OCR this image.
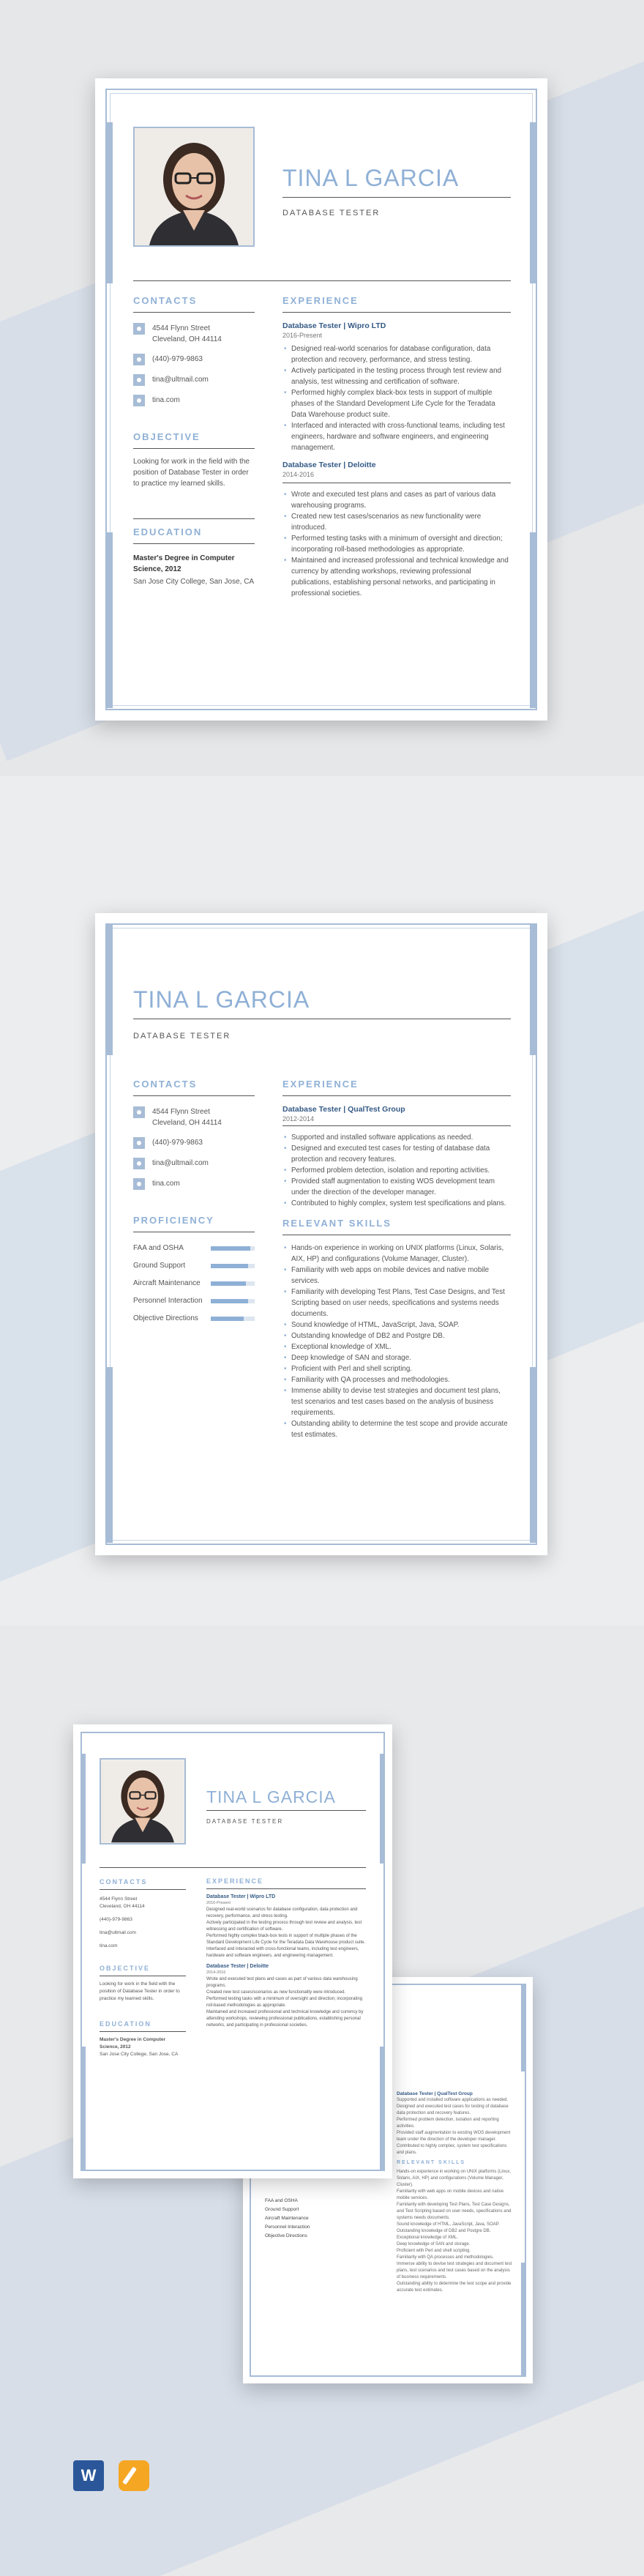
TINA L GARCIA
DATABASE TESTER
CONTACTS
4544 Flynn Street
Cleveland, OH 44114
(440)-979-9863
tina@ultmail.com
tina.com
OBJECTIVE
Looking for work in the field with the position of Database Tester in order to practice my learned skills.
EDUCATION
Master's Degree in Computer Science, 2012
San Jose City College, San Jose, CA
EXPERIENCE
Database Tester | Wipro LTD
2016-Present
• Designed real-world scenarios for database configuration, data protection and recovery, performance, and stress testing.
• Actively participated in the testing process through test review and analysis, test witnessing and certification of software.
• Performed highly complex black-box tests in support of multiple phases of the Standard Development Life Cycle for the Teradata Data Warehouse product suite.
• Interfaced and interacted with cross-functional teams, including test engineers, hardware and software engineers, and engineering management.
Database Tester | Deloitte
2014-2016
• Wrote and executed test plans and cases as part of various data warehousing programs.
• Created new test cases/scenarios as new functionality were introduced.
• Performed testing tasks with a minimum of oversight and direction; incorporating roll-based methodologies as appropriate.
• Maintained and increased professional and technical knowledge and currency by attending workshops, reviewing professional publications, establishing personal networks, and participating in professional societies.
TINA L GARCIA
DATABASE TESTER
CONTACTS
4544 Flynn Street
Cleveland, OH 44114
(440)-979-9863
tina@ultmail.com
tina.com
PROFICIENCY
FAA and OSHA
Ground Support
Aircraft Maintenance
Personnel Interaction
Objective Directions
EXPERIENCE
Database Tester | QualTest Group
2012-2014
• Supported and installed software applications as needed.
• Designed and executed test cases for testing of database data protection and recovery features.
• Performed problem detection, isolation and reporting activities.
• Provided staff augmentation to existing WOS development team under the direction of the developer manager.
• Contributed to highly complex, system test specifications and plans.
RELEVANT SKILLS
• Hands-on experience in working on UNIX platforms (Linux, Solaris, AIX, HP) and configurations (Volume Manager, Cluster).
• Familiarity with web apps on mobile devices and native mobile services.
• Familiarity with developing Test Plans, Test Case Designs, and Test Scripting based on user needs, specifications and systems needs documents.
• Sound knowledge of HTML, JavaScript, Java, SOAP.
• Outstanding knowledge of DB2 and Postgre DB.
• Exceptional knowledge of XML.
• Deep knowledge of SAN and storage.
• Proficient with Perl and shell scripting.
• Familiarity with QA processes and methodologies.
• Immense ability to devise test strategies and document test plans, test scenarios and test cases based on the analysis of business requirements.
• Outstanding ability to determine the test scope and provide accurate test estimates.
FAA and OSHA
Ground Support
Aircraft Maintenance
Personnel Interaction
Objective Directions
Database Tester | QualTest Group
Supported and installed software applications as needed.
Designed and executed test cases for testing of database data protection and recovery features.
Performed problem detection, isolation and reporting activities.
Provided staff augmentation to existing WOS development team under the direction of the developer manager.
Contributed to highly complex, system test specifications and plans.
RELEVANT SKILLS
Hands-on experience in working on UNIX platforms (Linux, Solaris, AIX, HP) and configurations (Volume Manager, Cluster).
Familiarity with web apps on mobile devices and native mobile services.
Familiarity with developing Test Plans, Test Case Designs, and Test Scripting based on user needs, specifications and systems needs documents.
Sound knowledge of HTML, JavaScript, Java, SOAP.
Outstanding knowledge of DB2 and Postgre DB.
Exceptional knowledge of XML.
Deep knowledge of SAN and storage.
Proficient with Perl and shell scripting.
Familiarity with QA processes and methodologies.
Immense ability to devise test strategies and document test plans, test scenarios and test cases based on the analysis of business requirements.
Outstanding ability to determine the test scope and provide accurate test estimates.
TINA L GARCIA
DATABASE TESTER
CONTACTS
4544 Flynn Street
Cleveland, OH 44114
(440)-979-9863
tina@ultmail.com
tina.com
OBJECTIVE
Looking for work in the field with the position of Database Tester in order to practice my learned skills.
EDUCATION
Master's Degree in Computer Science, 2012
San Jose City College, San Jose, CA
EXPERIENCE
Database Tester | Wipro LTD
2016-Present
Designed real-world scenarios for database configuration, data protection and recovery, performance, and stress testing.
Actively participated in the testing process through test review and analysis, test witnessing and certification of software.
Performed highly complex black-box tests in support of multiple phases of the Standard Development Life Cycle for the Teradata Data Warehouse product suite.
Interfaced and interacted with cross-functional teams, including test engineers, hardware and software engineers, and engineering management.
Database Tester | Deloitte
2014-2016
Wrote and executed test plans and cases as part of various data warehousing programs.
Created new test cases/scenarios as new functionality were introduced.
Performed testing tasks with a minimum of oversight and direction; incorporating roll-based methodologies as appropriate.
Maintained and increased professional and technical knowledge and currency by attending workshops, reviewing professional publications, establishing personal networks, and participating in professional societies.
W
